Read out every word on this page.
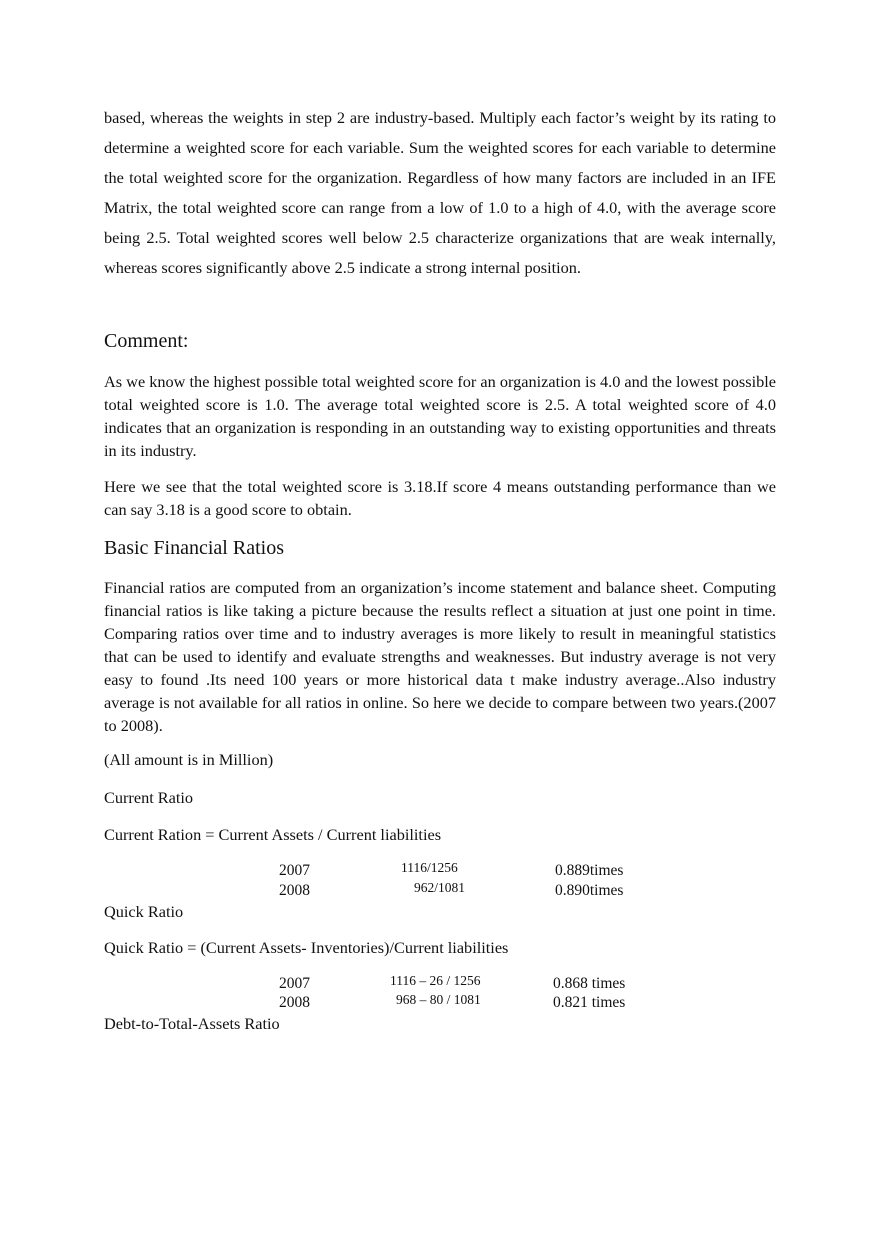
based, whereas the weights in step 2 are industry-based. Multiply each factor’s weight by its rating to determine a weighted score for each variable. Sum the weighted scores for each variable to determine the total weighted score for the organization. Regardless of how many factors are included in an IFE Matrix, the total weighted score can range from a low of 1.0 to a high of 4.0, with the average score being 2.5. Total weighted scores well below 2.5 characterize organizations that are weak internally, whereas scores significantly above 2.5 indicate a strong internal position.

Comment:

As we know the highest possible total weighted score for an organization is 4.0 and the lowest possible total weighted score is 1.0. The average total weighted score is 2.5. A total weighted score of 4.0 indicates that an organization is responding in an outstanding way to existing opportunities and threats in its industry.

Here we see that the total weighted score is 3.18.If score 4 means outstanding performance than we can say 3.18 is a good score to obtain.

Basic Financial Ratios

Financial ratios are computed from an organization’s income statement and balance sheet. Computing financial ratios is like taking a picture because the results reflect a situation at just one point in time. Comparing ratios over time and to industry averages is more likely to result in meaningful statistics that can be used to identify and evaluate strengths and weaknesses. But industry average is not very easy to found .Its need 100 years or more historical data t make industry average..Also industry average is not available for all ratios in online. So here we decide to compare between two years.(2007 to 2008).

(All amount is in Million)

Current Ratio

Current Ration = Current Assets / Current liabilities

2007	1116/1256	0.889times
2008	962/1081	0.890times

Quick Ratio

Quick Ratio = (Current Assets- Inventories)/Current liabilities

2007	1116 – 26 / 1256	0.868 times
2008	968 – 80 / 1081	0.821 times

Debt-to-Total-Assets Ratio
